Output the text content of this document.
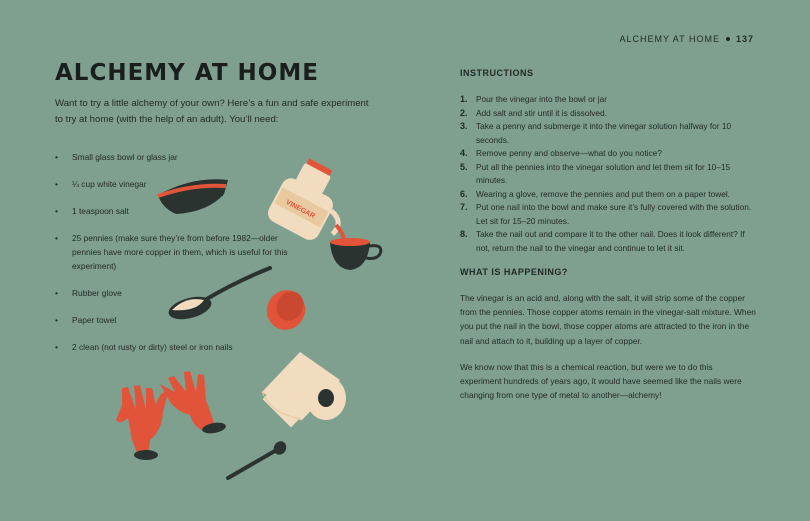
ALCHEMY AT HOME 137
ALCHEMY AT HOME

Want to try a little alchemy of your own? Here’s a fun and safe experiment to try at home (with the help of an adult). You’ll need:

• Small glass bowl or glass jar
• ¼ cup white vinegar
• 1 teaspoon salt
• 25 pennies (make sure they’re from before 1982—older pennies have more copper in them, which is useful for this experiment)
• Rubber glove
• Paper towel
• 2 clean (not rusty or dirty) steel or iron nails
VINEGAR

INSTRUCTIONS

1. Pour the vinegar into the bowl or jar
2. Add salt and stir until it is dissolved.
3. Take a penny and submerge it into the vinegar solution halfway for 10 seconds.
4. Remove penny and observe—what do you notice?
5. Put all the pennies into the vinegar solution and let them sit for 10–15 minutes.
6. Wearing a glove, remove the pennies and put them on a paper towel.
7. Put one nail into the bowl and make sure it’s fully covered with the solution. Let sit for 15–20 minutes.
8. Take the nail out and compare it to the other nail. Does it look different? If not, return the nail to the vinegar and continue to let it sit.

WHAT IS HAPPENING?

The vinegar is an acid and, along with the salt, it will strip some of the copper from the pennies. Those copper atoms remain in the vinegar-salt mixture. When you put the nail in the bowl, those copper atoms are attracted to the iron in the nail and attach to it, building up a layer of copper.

We know now that this is a chemical reaction, but were we to do this experiment hundreds of years ago, it would have seemed like the nails were changing from one type of metal to another—alchemy!
